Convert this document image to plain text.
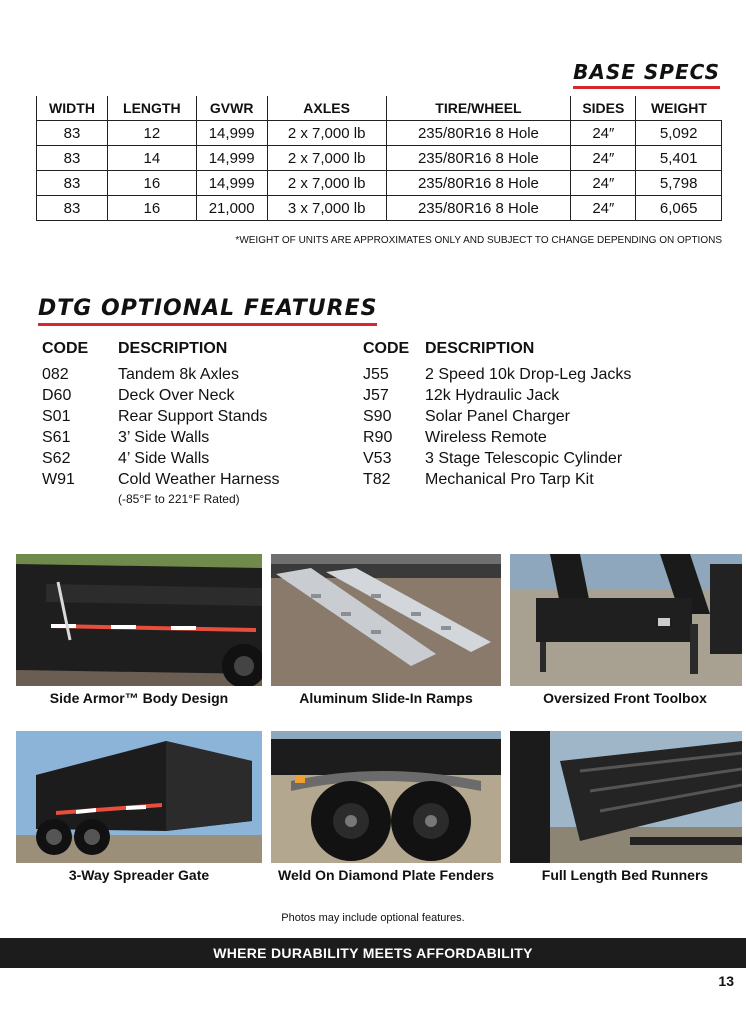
BASE SPECS
WIDTH	LENGTH	GVWR	AXLES	TIRE/WHEEL	SIDES	WEIGHT
83	12	14,999	2 x 7,000 lb	235/80R16 8 Hole	24″	5,092
83	14	14,999	2 x 7,000 lb	235/80R16 8 Hole	24″	5,401
83	16	14,999	2 x 7,000 lb	235/80R16 8 Hole	24″	5,798
83	16	21,000	3 x 7,000 lb	235/80R16 8 Hole	24″	6,065
*WEIGHT OF UNITS ARE APPROXIMATES ONLY AND SUBJECT TO CHANGE DEPENDING ON OPTIONS
DTG OPTIONAL FEATURES
CODE	DESCRIPTION
082	Tandem 8k Axles
D60	Deck Over Neck
S01	Rear Support Stands
S61	3’ Side Walls
S62	4’ Side Walls
W91	Cold Weather Harness
(-85°F to 221°F Rated)
CODE DESCRIPTION
J55	2 Speed 10k Drop-Leg Jacks
J57	12k Hydraulic Jack
S90	Solar Panel Charger
R90	Wireless Remote
V53	3 Stage Telescopic Cylinder
T82	Mechanical Pro Tarp Kit
Side Armor™ Body Design	Aluminum Slide-In Ramps	Oversized Front Toolbox
3-Way Spreader Gate	Weld On Diamond Plate Fenders	Full Length Bed Runners
Photos may include optional features.
WHERE DURABILITY MEETS AFFORDABILITY
13
